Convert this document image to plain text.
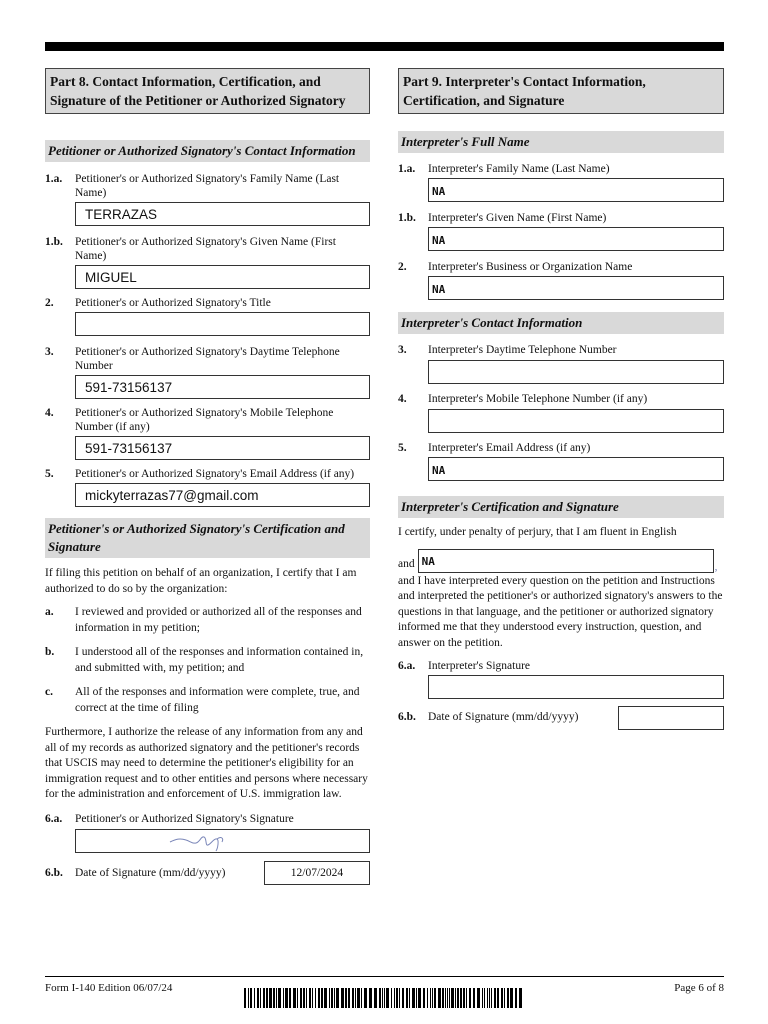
Part 8. Contact Information, Certification, and Signature of the Petitioner or Authorized Signatory
Petitioner or Authorized Signatory's Contact Information
1.a.	Petitioner's or Authorized Signatory's Family Name (Last Name)
TERRAZAS
1.b.	Petitioner's or Authorized Signatory's Given Name (First Name)
MIGUEL
2.	Petitioner's or Authorized Signatory's Title
3.	Petitioner's or Authorized Signatory's Daytime Telephone Number
591-73156137
4.	Petitioner's or Authorized Signatory's Mobile Telephone Number (if any)
591-73156137
5.	Petitioner's or Authorized Signatory's Email Address (if any)
mickyterrazas77@gmail.com
Petitioner's or Authorized Signatory's Certification and Signature
If filing this petition on behalf of an organization, I certify that I am authorized to do so by the organization:
a.	I reviewed and provided or authorized all of the responses and information in my petition;
b.	I understood all of the responses and information contained in, and submitted with, my petition; and
c.	All of the responses and information were complete, true, and correct at the time of filing
Furthermore, I authorize the release of any information from any and all of my records as authorized signatory and the petitioner's records that USCIS may need to determine the petitioner's eligibility for an immigration request and to other entities and persons where necessary for the administration and enforcement of U.S. immigration law.
6.a.	Petitioner's or Authorized Signatory's Signature
6.b.	Date of Signature (mm/dd/yyyy)	12/07/2024
Part 9. Interpreter's Contact Information, Certification, and Signature
Interpreter's Full Name
1.a.	Interpreter's Family Name (Last Name)
NA
1.b.	Interpreter's Given Name (First Name)
NA
2.	Interpreter's Business or Organization Name
NA
Interpreter's Contact Information
3.	Interpreter's Daytime Telephone Number
4.	Interpreter's Mobile Telephone Number (if any)
5.	Interpreter's Email Address (if any)
NA
Interpreter's Certification and Signature
I certify, under penalty of perjury, that I am fluent in English
and NA	,
and I have interpreted every question on the petition and Instructions and interpreted the petitioner's or authorized signatory's answers to the questions in that language, and the petitioner or authorized signatory informed me that they understood every instruction, question, and answer on the petition.
6.a.	Interpreter's Signature
6.b.	Date of Signature (mm/dd/yyyy)
Form I-140 Edition 06/07/24	Page 6 of 8
